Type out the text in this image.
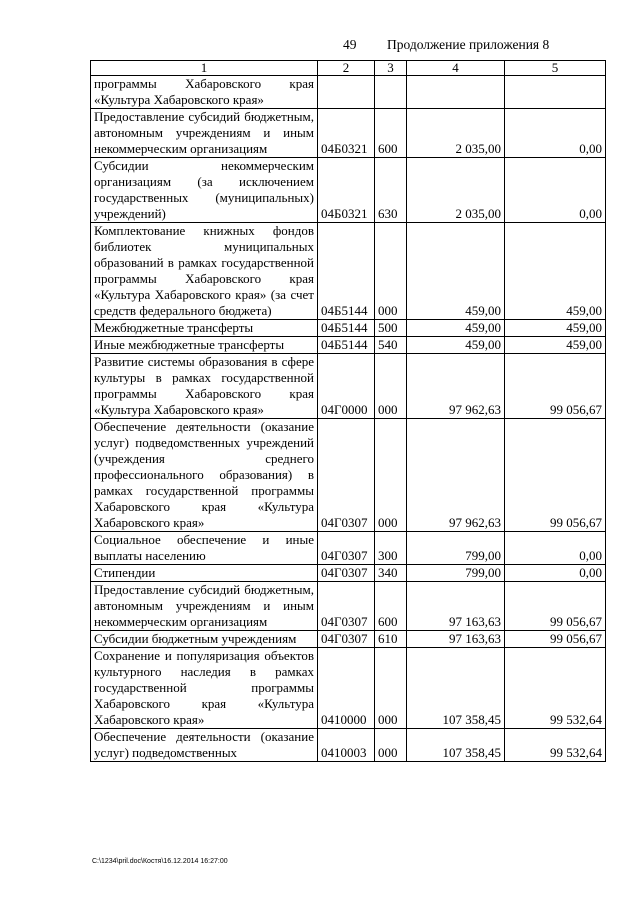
49 Продолжение приложения 8
1	2	3	4	5
программы Хабаровского края «Культура Хабаровского края»				
Предоставление субсидий бюджетным, автономным учреждениям и иным некоммерческим организациям	04Б0321	600	2 035,00	0,00
Субсидии некоммерческим организациям (за исключением государственных (муниципальных) учреждений)	04Б0321	630	2 035,00	0,00
Комплектование книжных фондов библиотек муниципальных образований в рамках государственной программы Хабаровского края «Культура Хабаровского края» (за счет средств федерального бюджета)	04Б5144	000	459,00	459,00
Межбюджетные трансферты	04Б5144	500	459,00	459,00
Иные межбюджетные трансферты	04Б5144	540	459,00	459,00
Развитие системы образования в сфере культуры в рамках государственной программы Хабаровского края «Культура Хабаровского края»	04Г0000	000	97 962,63	99 056,67
Обеспечение деятельности (оказание услуг) подведомственных учреждений (учреждения среднего профессионального образования) в рамках государственной программы Хабаровского края «Культура Хабаровского края»	04Г0307	000	97 962,63	99 056,67
Социальное обеспечение и иные выплаты населению	04Г0307	300	799,00	0,00
Стипендии	04Г0307	340	799,00	0,00
Предоставление субсидий бюджетным, автономным учреждениям и иным некоммерческим организациям	04Г0307	600	97 163,63	99 056,67
Субсидии бюджетным учреждениям	04Г0307	610	97 163,63	99 056,67
Сохранение и популяризация объектов культурного наследия в рамках государственной программы Хабаровского края «Культура Хабаровского края»	0410000	000	107 358,45	99 532,64
Обеспечение деятельности (оказание услуг) подведомственных	0410003	000	107 358,45	99 532,64
C:\1234\pril.doc\Костя\16.12.2014 16:27:00
